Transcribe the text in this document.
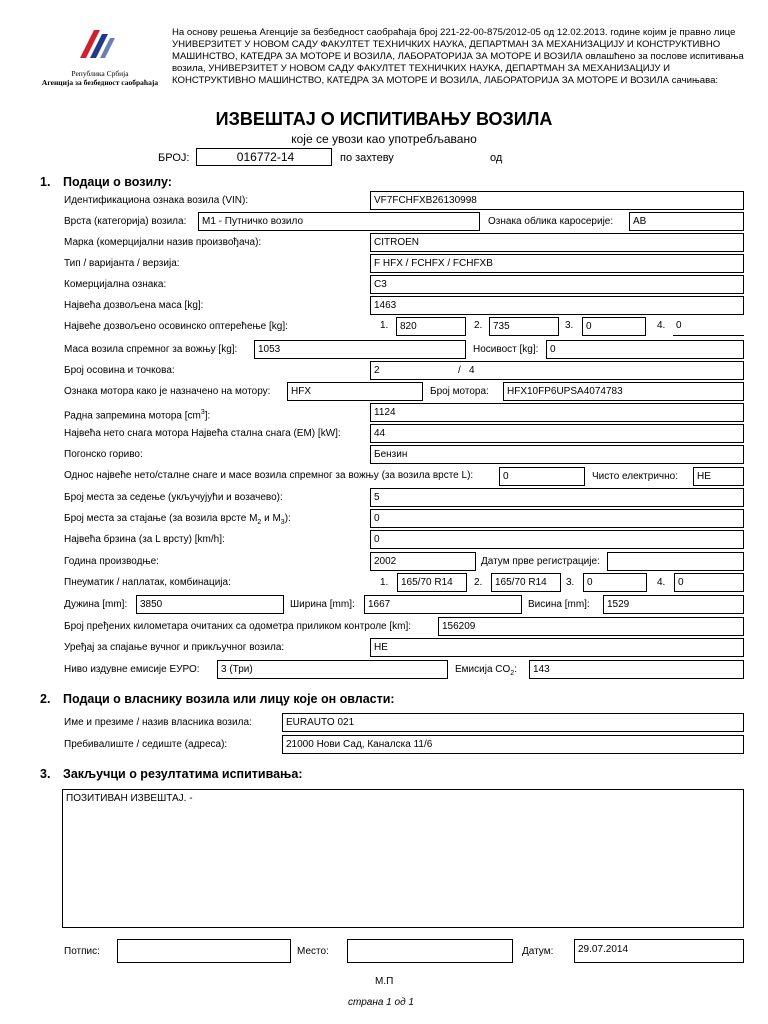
Република Србија
Агенција за безбедност саобраћаја
На основу решења Агенције за безбедност саобраћаја број 221-22-00-875/2012-05 од 12.02.2013. године којим је правно лице УНИВЕРЗИТЕТ У НОВОМ САДУ ФАКУЛТЕТ ТЕХНИЧКИХ НАУКА, ДЕПАРТМАН ЗА МЕХАНИЗАЦИЈУ И КОНСТРУКТИВНО МАШИНСТВО, КАТЕДРА ЗА МОТОРЕ И ВОЗИЛА, ЛАБОРАТОРИЈА ЗА МОТОРЕ И ВОЗИЛА овлашћено за послове испитивања возила, УНИВЕРЗИТЕТ У НОВОМ САДУ ФАКУЛТЕТ ТЕХНИЧКИХ НАУКА, ДЕПАРТМАН ЗА МЕХАНИЗАЦИЈУ И КОНСТРУКТИВНО МАШИНСТВО, КАТЕДРА ЗА МОТОРЕ И ВОЗИЛА, ЛАБОРАТОРИЈА ЗА МОТОРЕ И ВОЗИЛА сачињава:
ИЗВЕШТАЈ О ИСПИТИВАЊУ ВОЗИЛА
које се увози као употребљавано
БРОЈ:	016772-14	по захтеву	од
1. Подаци о возилу:
Идентификациона ознака возила (VIN):	VF7FCHFXB26130998
Врста (категорија) возила:	М1 - Путничко возило	Ознака облика каросерије:	AB
Марка (комерцијални назив произвођача):	CITROEN
Тип / варијанта / верзија:	F HFX / FCHFX / FCHFXB
Комерцијална ознака:	C3
Највећа дозвољена маса [kg]:	1463
Највеће дозвољено осовинско оптерећење [kg]:	1.	820	2.	735	3.	0	4.	0
Маса возила спремног за вожњу [kg]:	1053	Носивост [kg]:	0
Број осовина и точкова:	2	/ 4
Ознака мотора како је назначено на мотору:	HFX	Број мотора:	HFX10FP6UPSA4074783
Радна запремина мотора $[cm^3]$:	1124
Највећа нето снага мотора Највећа стална снага (ЕМ) [kW]:	44
Погонско гориво:	Бензин
Однос највеће нето/сталне снаге и масе возила спремног за вожњу (за возила врсте L):	0	Чисто електрично:	НЕ
Број места за седење (укључујући и возачево):	5
Број места за стајање (за возила врсте $M_2$ и $M_3$):	0
Највећа брзина (за L врсту) [km/h]:	0
Година производње:	2002	Датум прве регистрације:
Пнеуматик / наплатак, комбинација:	1.	165/70 R14	2.	165/70 R14	3.	0	4.	0
Дужина [mm]:	3850	Ширина [mm]:	1667	Висина [mm]:	1529
Број пређених километара очитаних са одометра приликом контроле [km]:	156209
Уређај за спајање вучног и прикључног возила:	НЕ
Ниво издувне емисије ЕУРО:	3 (Три)	Емисија $CO_2$:	143
2. Подаци о власнику возила или лицу које он овласти:
Име и презиме / назив власника возила:	EURAUTO 021
Пребивалиште / седиште (адреса):	21000 Нови Сад, Каналска 11/6
3. Закључци о резултатима испитивања:
ПОЗИТИВАН ИЗВЕШТАЈ. -
Потпис:	Место:	Датум:	29.07.2014
М.П
страна 1 од 1
